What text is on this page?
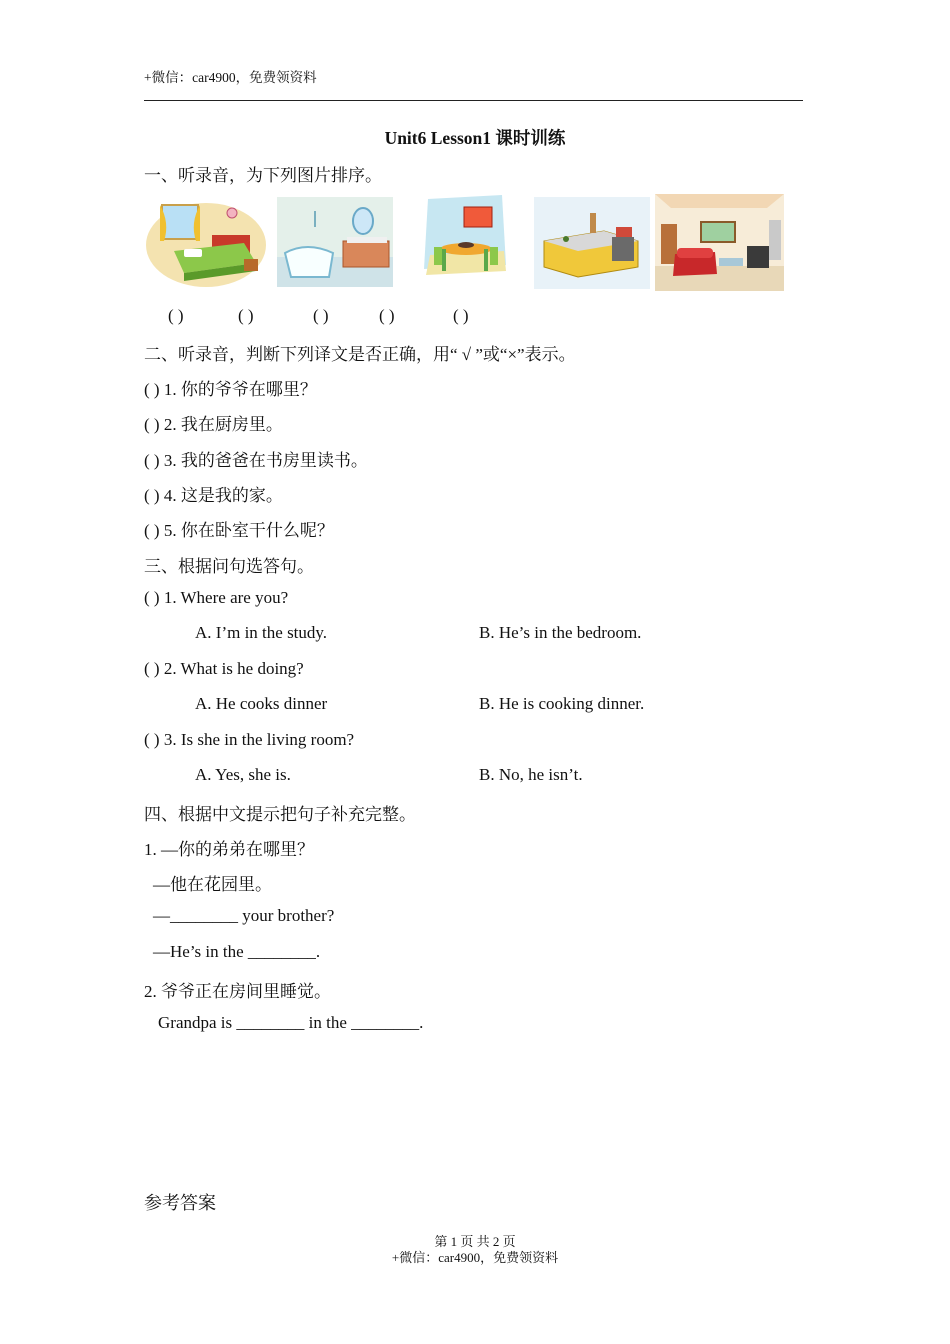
+微信：car4900，免费领资料
Unit6 Lesson1 课时训练
一、听录音，为下列图片排序。
( )	( )	( )	( )	( )
二、听录音，判断下列译文是否正确，用“ √ ”或“×”表示。
( ) 1. 你的爷爷在哪里？
( ) 2. 我在厨房里。
( ) 3. 我的爸爸在书房里读书。
( ) 4. 这是我的家。
( ) 5. 你在卧室干什么呢？
三、根据问句选答句。
( ) 1. Where are you?
A. I’m in the study.	B. He’s in the bedroom.
( ) 2. What is he doing?
A. He cooks dinner	B. He is cooking dinner.
( ) 3. Is she in the living room?
A. Yes, she is.	B. No, he isn’t.
四、根据中文提示把句子补充完整。
1. —你的弟弟在哪里？
—他在花园里。
—________ your brother?
—He’s in the ________.
2. 爷爷正在房间里睡觉。
Grandpa is ________ in the ________.
参考答案
第 1 页 共 2 页
+微信：car4900，免费领资料
